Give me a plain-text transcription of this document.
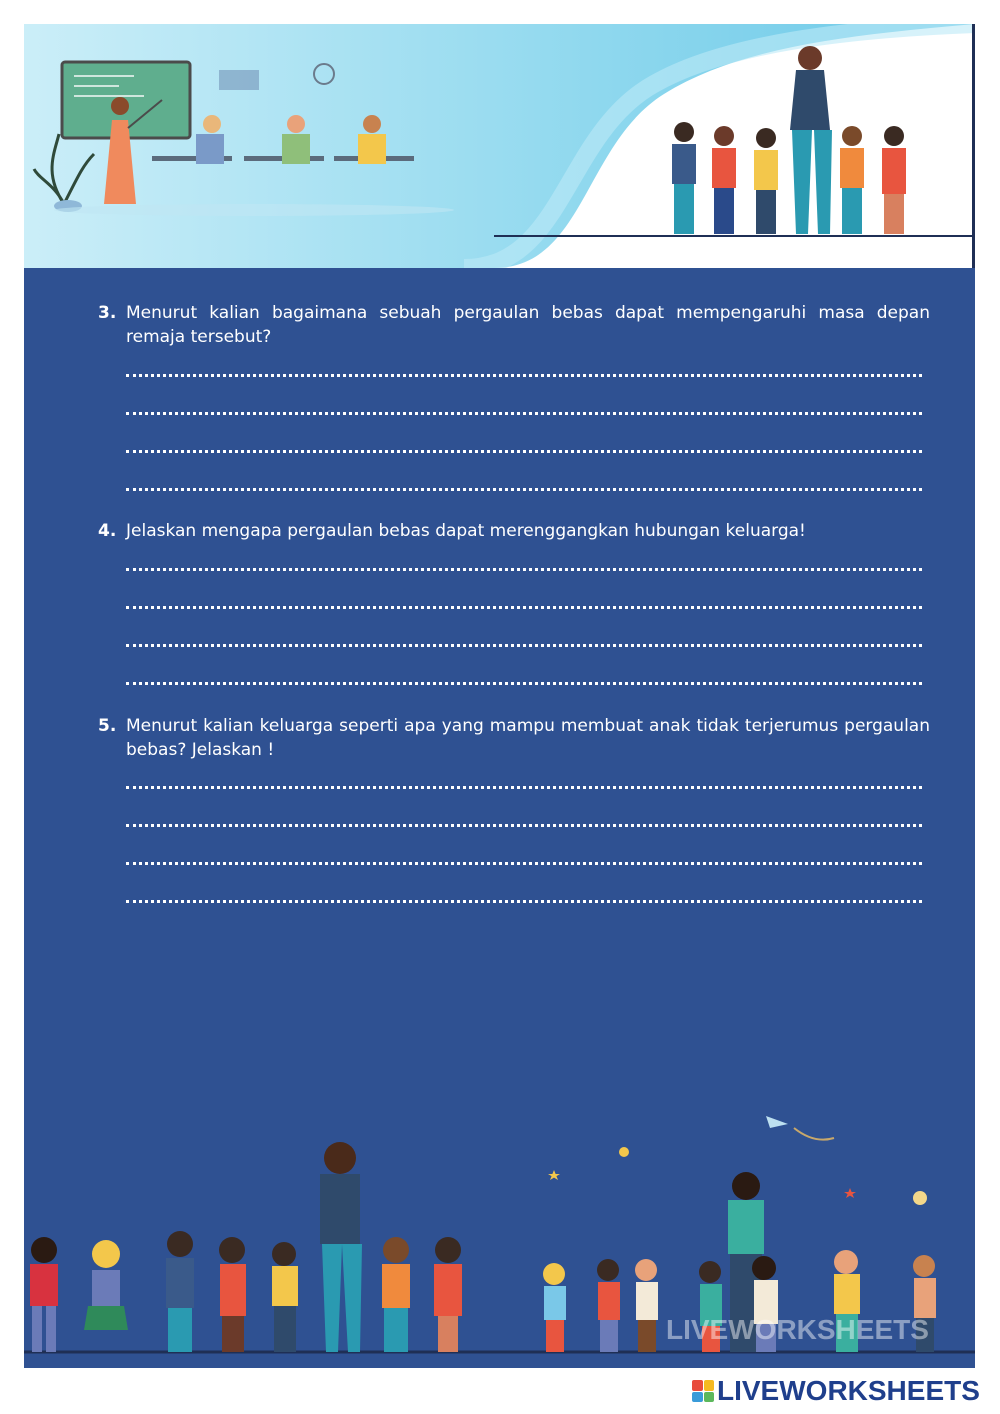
3. Menurut kalian bagaimana sebuah pergaulan bebas dapat mempengaruhi masa depan remaja tersebut?
4. Jelaskan mengapa pergaulan bebas dapat merenggangkan hubungan keluarga!
5. Menurut kalian keluarga seperti apa yang mampu membuat anak tidak terjerumus pergaulan bebas? Jelaskan !
LIVEWORKSHEETS
LIVEWORKSHEETS
